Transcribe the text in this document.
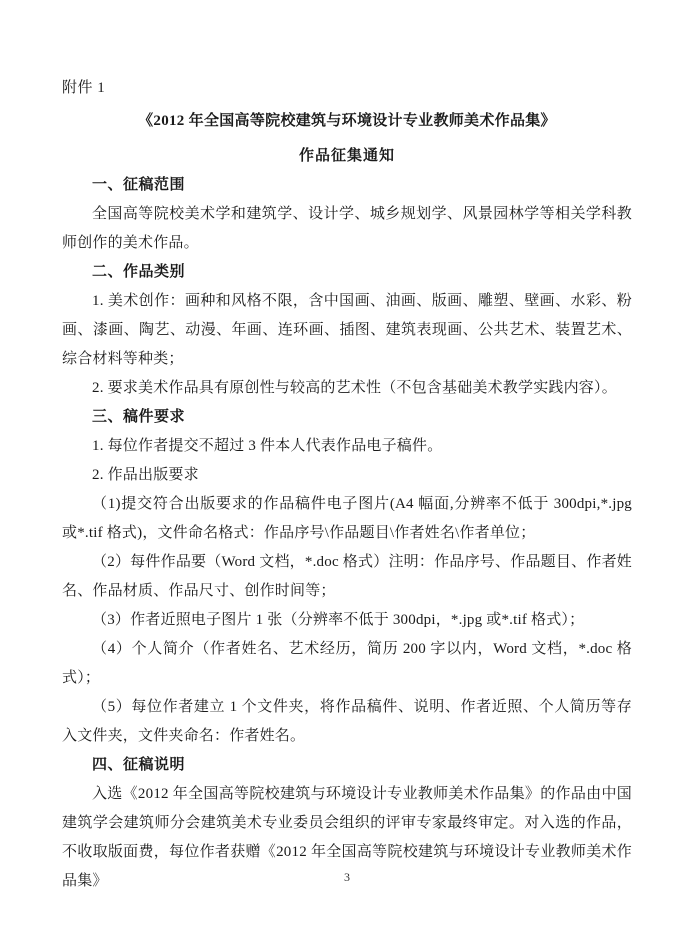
附件 1
《2012 年全国高等院校建筑与环境设计专业教师美术作品集》
作品征集通知
一、征稿范围

全国高等院校美术学和建筑学、设计学、城乡规划学、风景园林学等相关学科教师创作的美术作品。

二、作品类别

1. 美术创作：画种和风格不限，含中国画、油画、版画、雕塑、壁画、水彩、粉画、漆画、陶艺、动漫、年画、连环画、插图、建筑表现画、公共艺术、装置艺术、综合材料等种类；

2. 要求美术作品具有原创性与较高的艺术性（不包含基础美术教学实践内容）。

三、稿件要求

1. 每位作者提交不超过 3 件本人代表作品电子稿件。

2. 作品出版要求

（1)提交符合出版要求的作品稿件电子图片(A4 幅面,分辨率不低于 300dpi,*.jpg 或*.tif 格式)，文件命名格式：作品序号\作品题目\作者姓名\作者单位；

（2）每件作品要（Word 文档，*.doc 格式）注明：作品序号、作品题目、作者姓名、作品材质、作品尺寸、创作时间等；

（3）作者近照电子图片 1 张（分辨率不低于 300dpi，*.jpg 或*.tif 格式）；

（4）个人简介（作者姓名、艺术经历，简历 200 字以内，Word 文档，*.doc 格式）；

（5）每位作者建立 1 个文件夹，将作品稿件、说明、作者近照、个人简历等存入文件夹，文件夹命名：作者姓名。

四、征稿说明

入选《2012 年全国高等院校建筑与环境设计专业教师美术作品集》的作品由中国建筑学会建筑师分会建筑美术专业委员会组织的评审专家最终审定。对入选的作品，不收取版面费，每位作者获赠《2012 年全国高等院校建筑与环境设计专业教师美术作品集》	3
